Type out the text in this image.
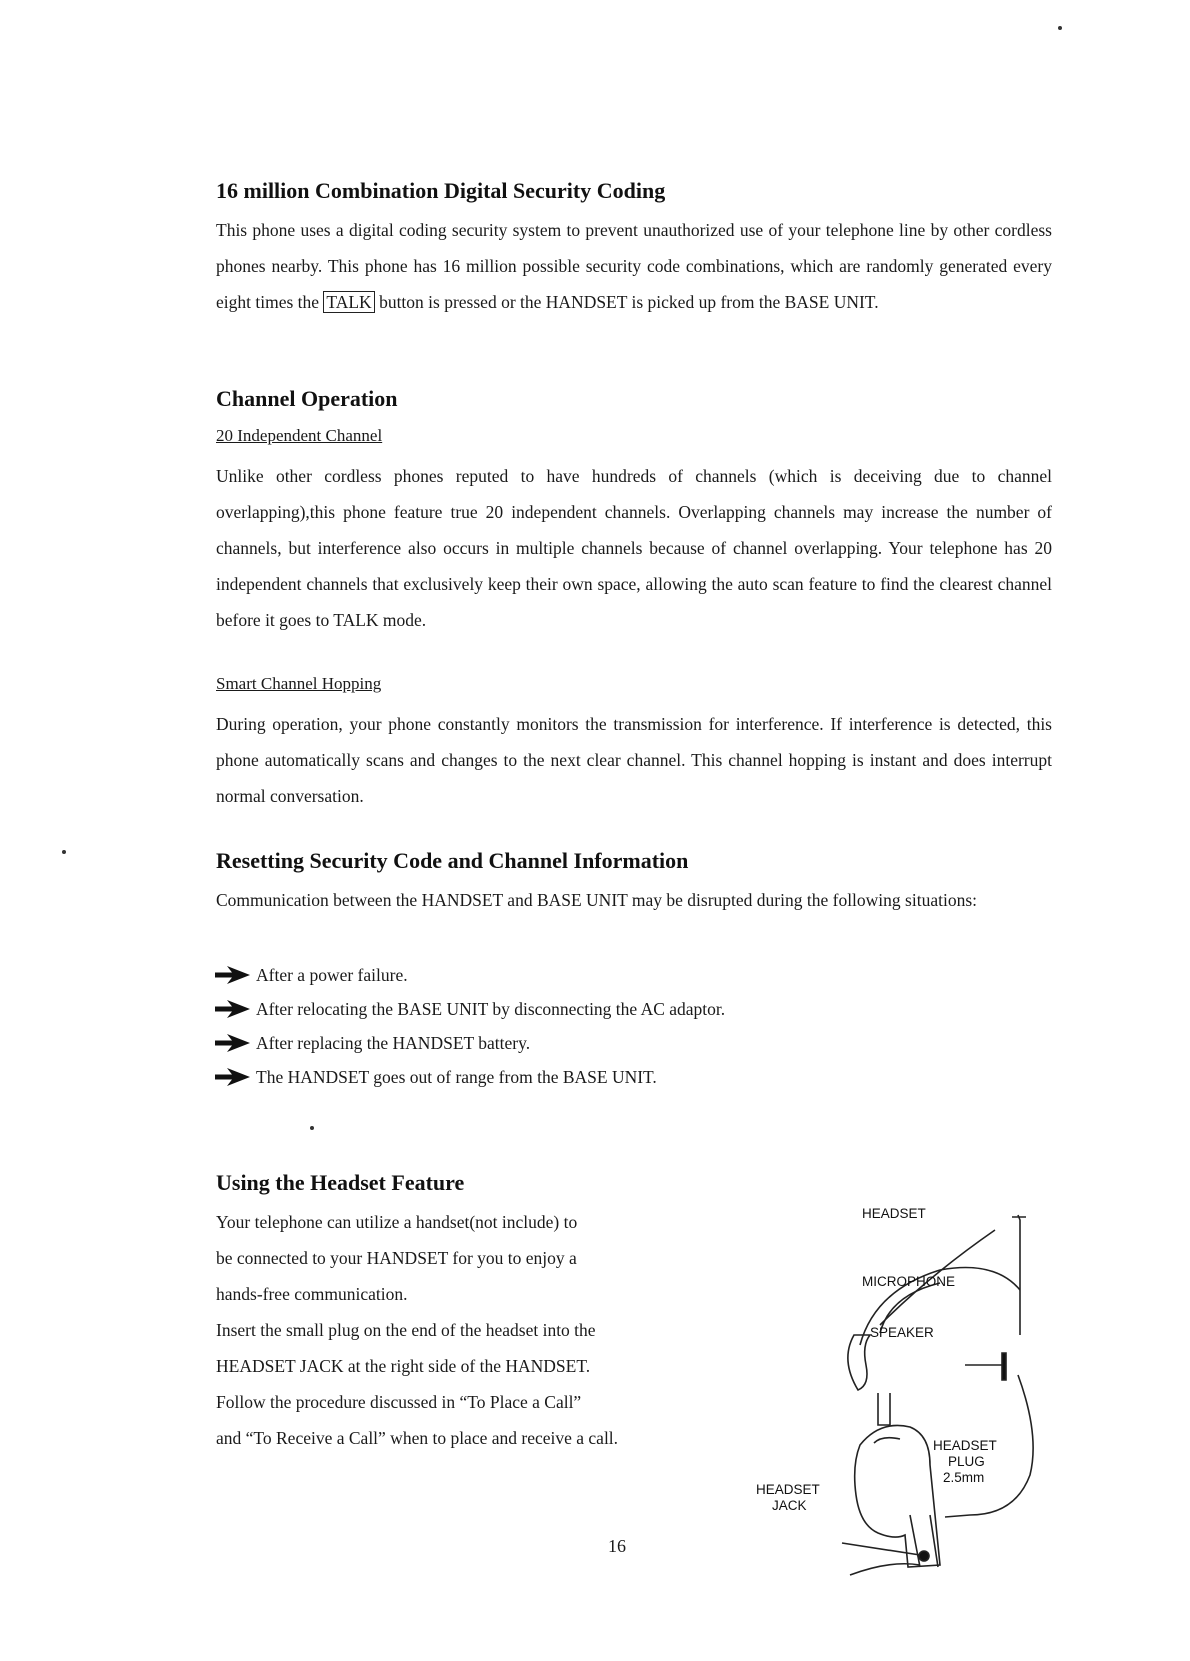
16 million Combination Digital Security Coding

This phone uses a digital coding security system to prevent unauthorized use of your telephone line by other cordless phones nearby. This phone has 16 million possible security code combinations, which are randomly generated every eight times the TALK button is pressed or the HANDSET is picked up from the BASE UNIT.

Channel Operation

20 Independent Channel

Unlike other cordless phones reputed to have hundreds of channels (which is deceiving due to channel overlapping),this phone feature true 20 independent channels. Overlapping channels may increase the number of channels, but interference also occurs in multiple channels because of channel overlapping. Your telephone has 20 independent channels that exclusively keep their own space, allowing the auto scan feature to find the clearest channel before it goes to TALK mode.

Smart Channel Hopping

During operation, your phone constantly monitors the transmission for interference. If interference is detected, this phone automatically scans and changes to the next clear channel. This channel hopping is instant and does interrupt normal conversation.

Resetting Security Code and Channel Information

Communication between the HANDSET and BASE UNIT may be disrupted during the following situations:

After a power failure.
After relocating the BASE UNIT by disconnecting the AC adaptor.
After replacing the HANDSET battery.
The HANDSET goes out of range from the BASE UNIT.
Using the Headset Feature
Your telephone can utilize a handset(not include) to
be connected to your HANDSET for you to enjoy a
hands-free communication.
Insert the small plug on the end of the headset into the
HEADSET JACK at the right side of the HANDSET.
Follow the procedure discussed in “To Place a Call”
and “To Receive a Call” when to place and receive a call.
HEADSET
MICROPHONE
SPEAKER
HEADSET
PLUG
2.5mm
HEADSET
JACK
16
